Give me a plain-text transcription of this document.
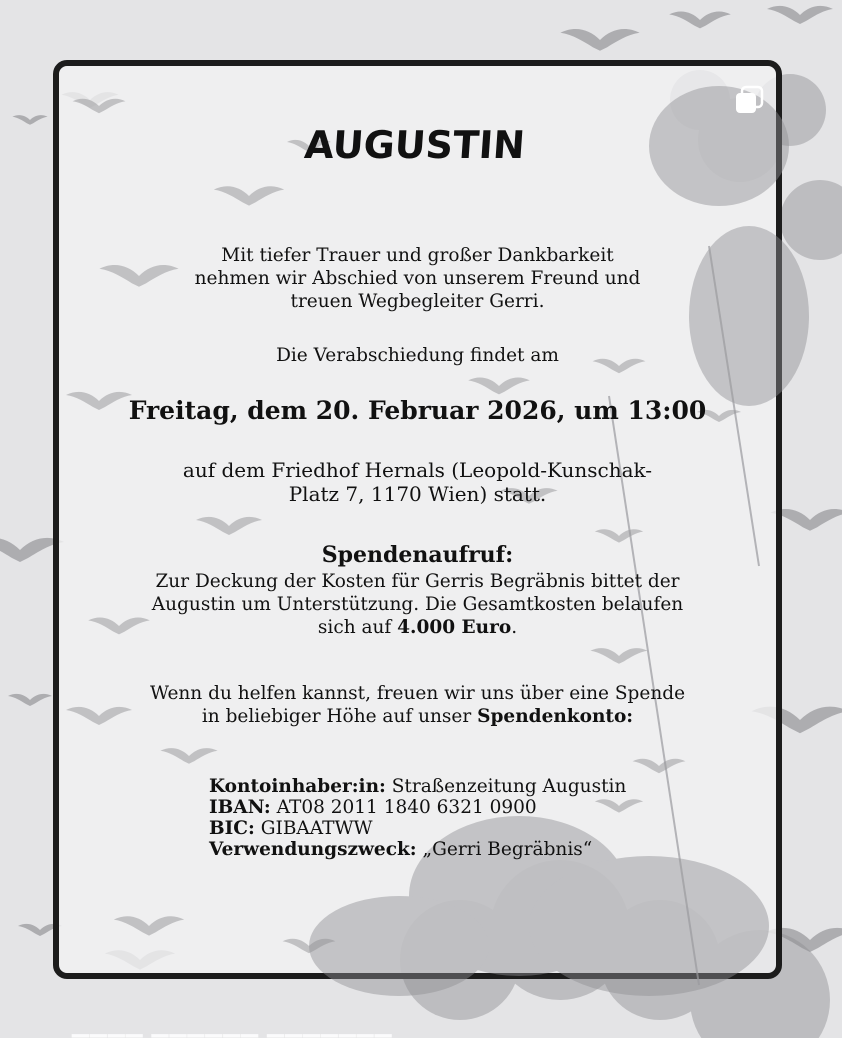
AUGUSTIN
Mit tiefer Trauer und großer Dankbarkeit
nehmen wir Abschied von unserem Freund und
treuen Wegbegleiter Gerri.
Die Verabschiedung findet am
Freitag, dem 20. Februar 2026, um 13:00
auf dem Friedhof Hernals (Leopold-Kunschak-
Platz 7, 1170 Wien) statt.
Spendenaufruf:
Zur Deckung der Kosten für Gerris Begräbnis bittet der
Augustin um Unterstützung. Die Gesamtkosten belaufen
sich auf 4.000 Euro.
Wenn du helfen kannst, freuen wir uns über eine Spende
in beliebiger Höhe auf unser Spendenkonto:
Kontoinhaber:in: Straßenzeitung Augustin
IBAN: AT08 2011 1840 6321 0900
BIC: GIBAATWW
Verwendungszweck: „Gerri Begräbnis“
▁▁▁▁ ▁▁▁▁▁▁ ▁▁▁▁▁▁▁
